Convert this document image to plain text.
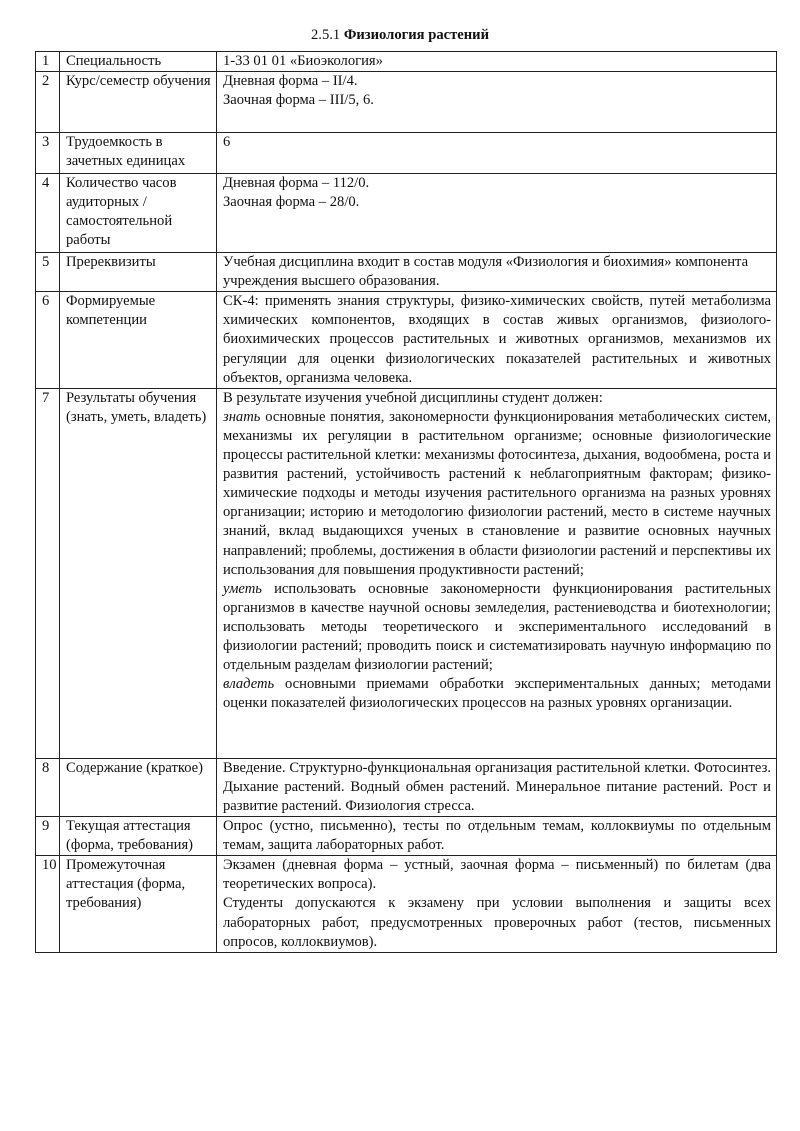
2.5.1 Физиология растений
1	Специальность	1-33 01 01 «Биоэкология»
2	Курс/семестр обучения	Дневная форма – II/4.
Заочная форма – III/5, 6.

3	Трудоемкость в зачетных единицах	6
4	Количество часов аудиторных / самостоятельной работы	Дневная форма – 112/0.
Заочная форма – 28/0.

5	Пререквизиты	Учебная дисциплина входит в состав модуля «Физиология и биохимия» компонента учреждения высшего образования.
6	Формируемые компетенции	СК-4: применять знания структуры, физико-химических свойств, путей метаболизма химических компонентов, входящих в состав живых организмов, физиолого-биохимических процессов растительных и животных организмов, механизмов их регуляции для оценки физиологических показателей растительных и животных объектов, организма человека.
7	Результаты обучения (знать, уметь, владеть)	В результате изучения учебной дисциплины студент должен:
знать основные понятия, закономерности функционирования метаболических систем, механизмы их регуляции в растительном организме; основные физиологические процессы растительной клетки: механизмы фотосинтеза, дыхания, водообмена, роста и развития растений, устойчивость растений к неблагоприятным факторам; физико-химические подходы и методы изучения растительного организма на разных уровнях организации; историю и методологию физиологии растений, место в системе научных знаний, вклад выдающихся ученых в становление и развитие основных научных направлений; проблемы, достижения в области физиологии растений и перспективы их использования для повышения продуктивности растений;
уметь использовать основные закономерности функционирования растительных организмов в качестве научной основы земледелия, растениеводства и биотехнологии; использовать методы теоретического и экспериментального исследований в физиологии растений; проводить поиск и систематизировать научную информацию по отдельным разделам физиологии растений;
владеть основными приемами обработки экспериментальных данных; методами оценки показателей физиологических процессов на разных уровнях организации.

8	Содержание (краткое)	Введение. Структурно-функциональная организация растительной клетки. Фотосинтез. Дыхание растений. Водный обмен растений. Минеральное питание растений. Рост и развитие растений. Физиология стресса.
9	Текущая аттестация (форма, требования)	Опрос (устно, письменно), тесты по отдельным темам, коллоквиумы по отдельным темам, защита лабораторных работ.
10	Промежуточная аттестация (форма, требования)	Экзамен (дневная форма – устный, заочная форма – письменный) по билетам (два теоретических вопроса).
Студенты допускаются к экзамену при условии выполнения и защиты всех лабораторных работ, предусмотренных проверочных работ (тестов, письменных опросов, коллоквиумов).
